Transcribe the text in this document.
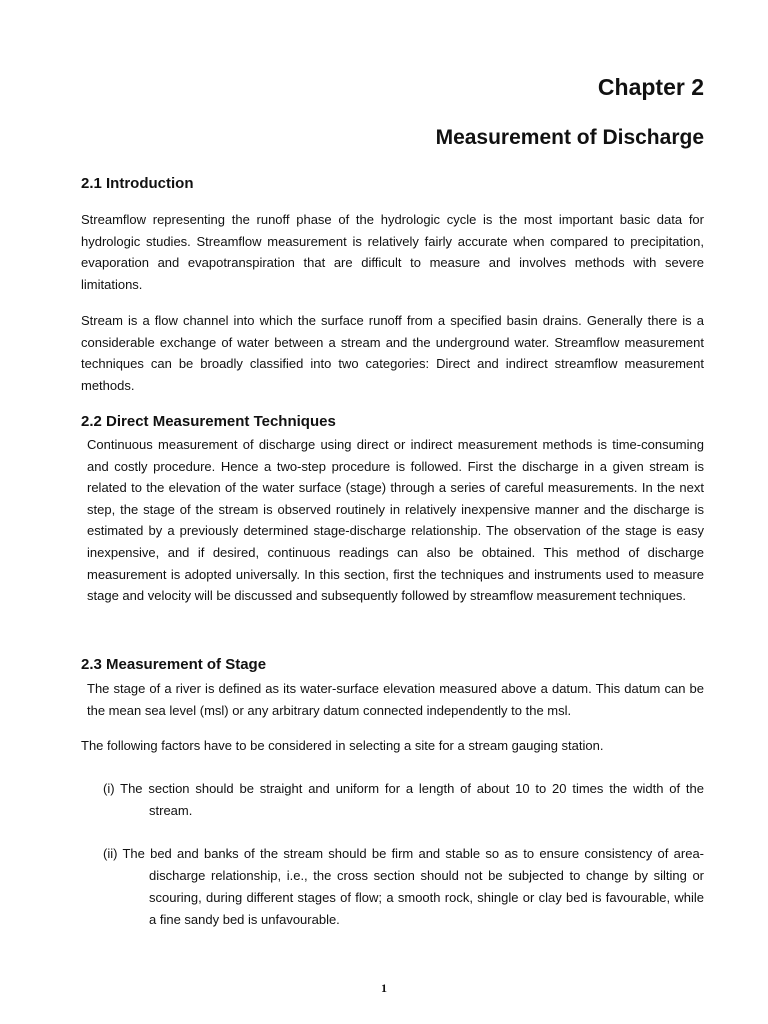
Chapter 2
Measurement of Discharge
2.1 Introduction

Streamflow representing the runoff phase of the hydrologic cycle is the most important basic data for hydrologic studies. Streamflow measurement is relatively fairly accurate when compared to precipitation, evaporation and evapotranspiration that are difficult to measure and involves methods with severe limitations.

Stream is a flow channel into which the surface runoff from a specified basin drains. Generally there is a considerable exchange of water between a stream and the underground water. Streamflow measurement techniques can be broadly classified into two categories: Direct and indirect streamflow measurement methods.

2.2 Direct Measurement Techniques

Continuous measurement of discharge using direct or indirect measurement methods is time-consuming and costly procedure. Hence a two-step procedure is followed. First the discharge in a given stream is related to the elevation of the water surface (stage) through a series of careful measurements. In the next step, the stage of the stream is observed routinely in relatively inexpensive manner and the discharge is estimated by a previously determined stage-discharge relationship. The observation of the stage is easy inexpensive, and if desired, continuous readings can also be obtained. This method of discharge measurement is adopted universally. In this section, first the techniques and instruments used to measure stage and velocity will be discussed and subsequently followed by streamflow measurement techniques.

2.3 Measurement of Stage

The stage of a river is defined as its water-surface elevation measured above a datum. This datum can be the mean sea level (msl) or any arbitrary datum connected independently to the msl.

The following factors have to be considered in selecting a site for a stream gauging station.

(i) The section should be straight and uniform for a length of about 10 to 20 times the width of the stream.

(ii) The bed and banks of the stream should be firm and stable so as to ensure consistency of area-discharge relationship, i.e., the cross section should not be subjected to change by silting or scouring, during different stages of flow; a smooth rock, shingle or clay bed is favourable, while a fine sandy bed is unfavourable.

1
